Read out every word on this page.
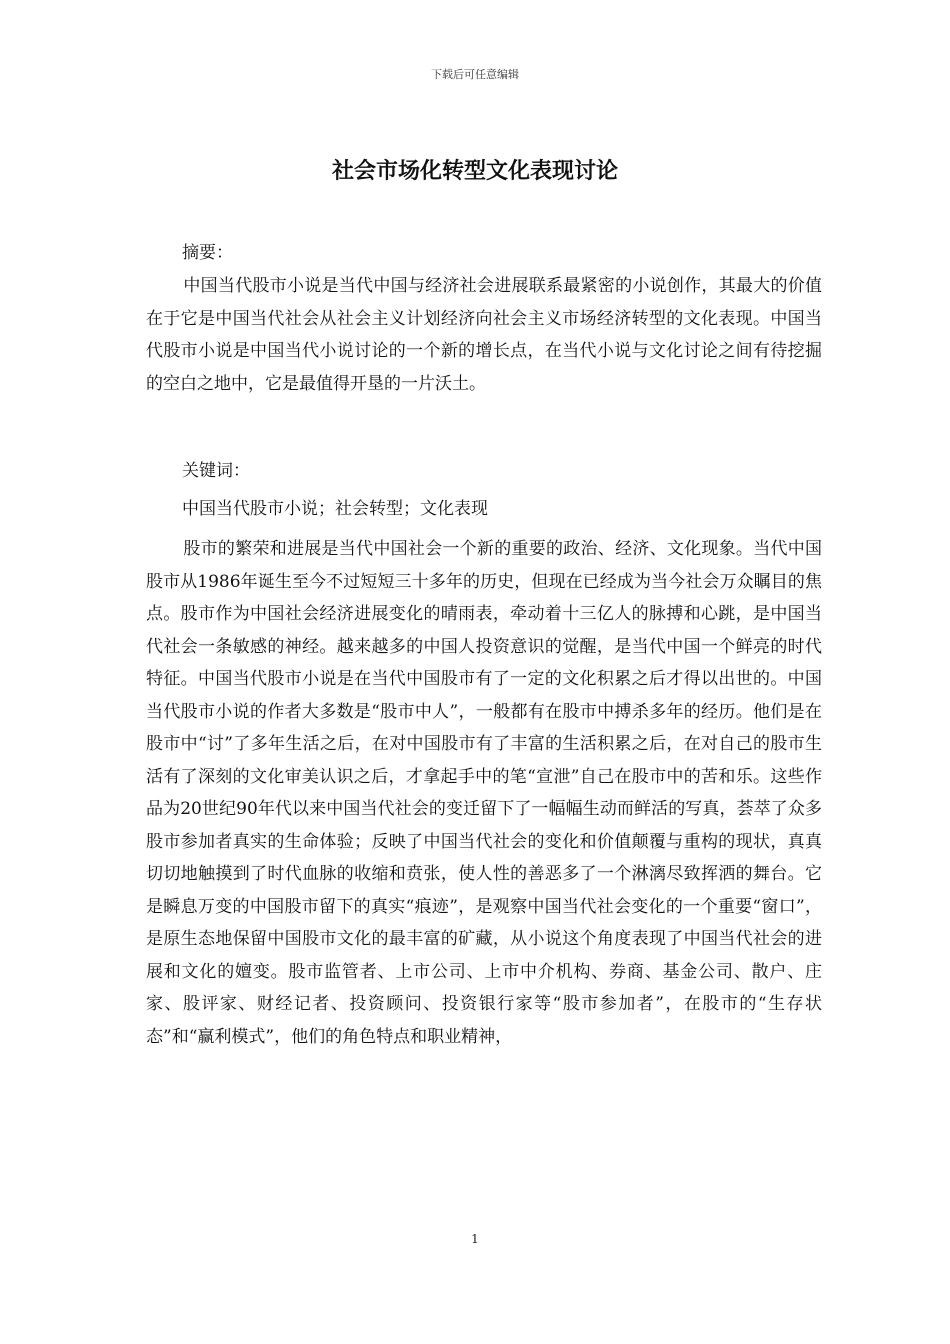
下载后可任意编辑
社会市场化转型文化表现讨论

摘要：

中国当代股市小说是当代中国与经济社会进展联系最紧密的小说创作，其最大的价值在于它是中国当代社会从社会主义计划经济向社会主义市场经济转型的文化表现。中国当代股市小说是中国当代小说讨论的一个新的增长点，在当代小说与文化讨论之间有待挖掘的空白之地中，它是最值得开垦的一片沃土。

关键词：

中国当代股市小说；社会转型；文化表现

股市的繁荣和进展是当代中国社会一个新的重要的政治、经济、文化现象。当代中国股市从1986年诞生至今不过短短三十多年的历史，但现在已经成为当今社会万众瞩目的焦点。股市作为中国社会经济进展变化的晴雨表，牵动着十三亿人的脉搏和心跳，是中国当代社会一条敏感的神经。越来越多的中国人投资意识的觉醒，是当代中国一个鲜亮的时代特征。中国当代股市小说是在当代中国股市有了一定的文化积累之后才得以出世的。中国当代股市小说的作者大多数是“股市中人”，一般都有在股市中搏杀多年的经历。他们是在股市中“讨”了多年生活之后，在对中国股市有了丰富的生活积累之后，在对自己的股市生活有了深刻的文化审美认识之后，才拿起手中的笔“宣泄”自己在股市中的苦和乐。这些作品为20世纪90年代以来中国当代社会的变迁留下了一幅幅生动而鲜活的写真，荟萃了众多股市参加者真实的生命体验；反映了中国当代社会的变化和价值颠覆与重构的现状，真真切切地触摸到了时代血脉的收缩和贲张，使人性的善恶多了一个淋漓尽致挥洒的舞台。它是瞬息万变的中国股市留下的真实“痕迹”，是观察中国当代社会变化的一个重要“窗口”，是原生态地保留中国股市文化的最丰富的矿藏，从小说这个角度表现了中国当代社会的进展和文化的嬗变。股市监管者、上市公司、上市中介机构、券商、基金公司、散户、庄家、股评家、财经记者、投资顾问、投资银行家等“股市参加者”，在股市的“生存状态”和“赢利模式”，他们的角色特点和职业精神，

1
